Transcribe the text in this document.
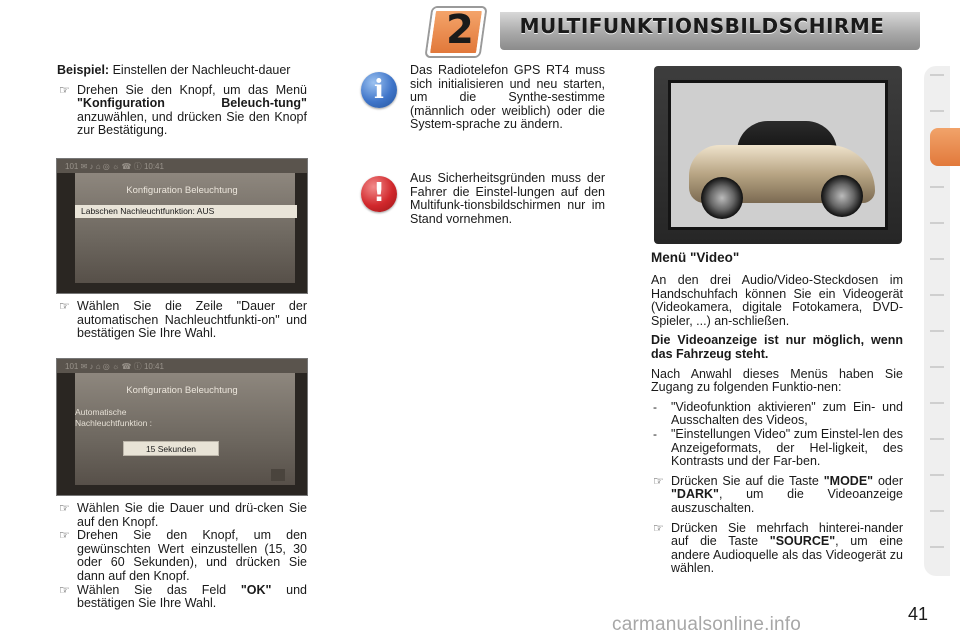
MULTIFUNKTIONSBILDSCHIRME
2

Beispiel: Einstellen der Nachleucht-dauer

☞ Drehen Sie den Knopf, um das Menü "Konfiguration Beleuch-tung" anzuwählen, und drücken Sie den Knopf zur Bestätigung.

101 ✉ ♪ ⌂ ◎ ☼ ☎ ⓘ 10:41
Konfiguration Beleuchtung
Labschen Nachleuchtfunktion: AUS

☞ Wählen Sie die Zeile "Dauer der automatischen Nachleuchtfunkti-on" und bestätigen Sie Ihre Wahl.

101 ✉ ♪ ⌂ ◎ ☼ ☎ ⓘ 10:41
Konfiguration Beleuchtung
Automatische
Nachleuchtfunktion :
15 Sekunden

☞ Wählen Sie die Dauer und drü-cken Sie auf den Knopf.

☞ Drehen Sie den Knopf, um den gewünschten Wert einzustellen (15, 30 oder 60 Sekunden), und drücken Sie dann auf den Knopf.

☞ Wählen Sie das Feld "OK" und bestätigen Sie Ihre Wahl.

i
Das Radiotelefon GPS RT4 muss sich initialisieren und neu starten, um die Synthe-sestimme (männlich oder weiblich) oder die System-sprache zu ändern.
!	Aus Sicherheitsgründen muss der Fahrer die Einstel-lungen auf den Multifunk-tionsbildschirmen nur im Stand vornehmen.
Menü "Video"

An den drei Audio/Video-Steckdosen im Handschuhfach können Sie ein Videogerät (Videokamera, digitale Fotokamera, DVD-Spieler, ...) an-schließen.

Die Videoanzeige ist nur möglich, wenn das Fahrzeug steht.

Nach Anwahl dieses Menüs haben Sie Zugang zu folgenden Funktio-nen:

-	"Videofunktion aktivieren" zum Ein- und Ausschalten des Videos,

-	"Einstellungen Video" zum Einstel-len des Anzeigeformats, der Hel-ligkeit, des Kontrasts und der Far-ben.

☞ Drücken Sie auf die Taste "MODE" oder "DARK", um die Videoanzeige auszuschalten.

☞ Drücken Sie mehrfach hinterei-nander auf die Taste "SOURCE", um eine andere Audioquelle als das Videogerät zu wählen.

carmanualsonline.info	41
